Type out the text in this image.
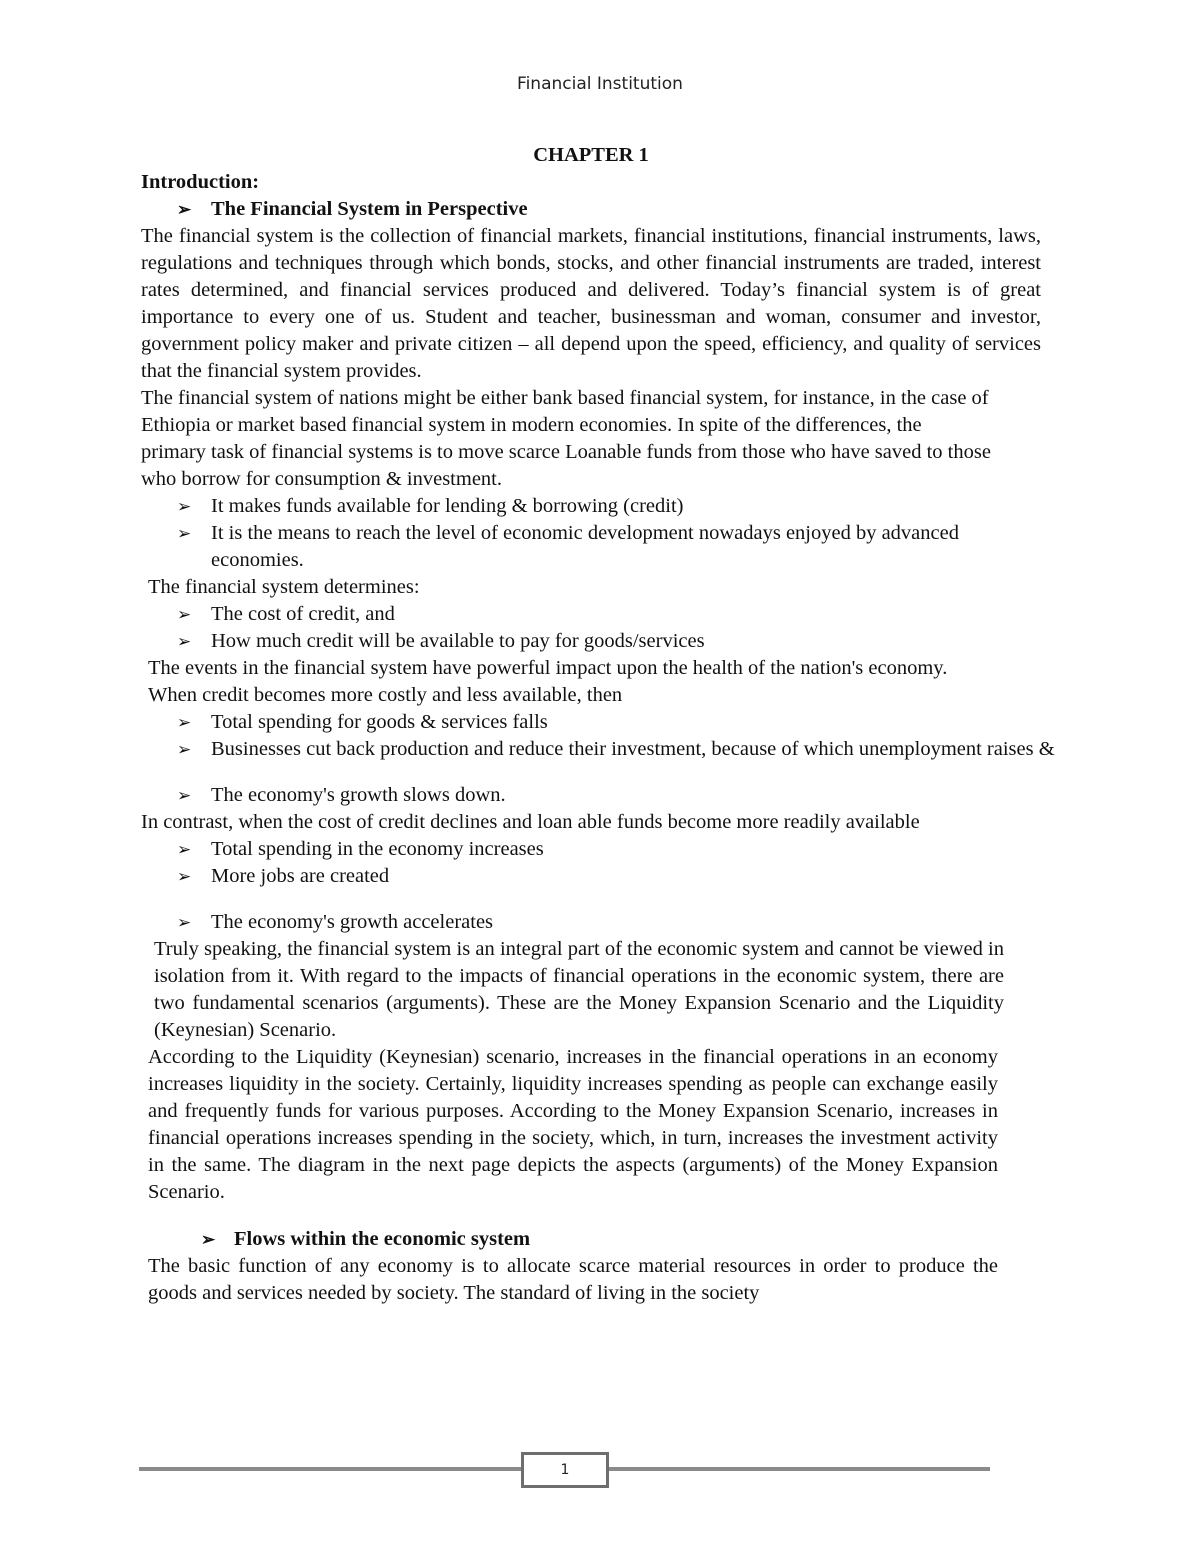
Financial Institution

CHAPTER 1

Introduction:

➢ The Financial System in Perspective

The financial system is the collection of financial markets, financial institutions, financial instruments, laws, regulations and techniques through which bonds, stocks, and other financial instruments are traded, interest rates determined, and financial services produced and delivered. Today’s financial system is of great importance to every one of us. Student and teacher, businessman and woman, consumer and investor, government policy maker and private citizen – all depend upon the speed, efficiency, and quality of services that the financial system provides.

The financial system of nations might be either bank based financial system, for instance, in the case of Ethiopia or market based financial system in modern economies. In spite of the differences, the primary task of financial systems is to move scarce Loanable funds from those who have saved to those who borrow for consumption & investment.

➢ It makes funds available for lending & borrowing (credit)
➢ It is the means to reach the level of economic development nowadays enjoyed by advanced economies.

The financial system determines:

➢ The cost of credit, and
➢ How much credit will be available to pay for goods/services

The events in the financial system have powerful impact upon the health of the nation's economy. When credit becomes more costly and less available, then

➢ Total spending for goods & services falls
➢ Businesses cut back production and reduce their investment, because of which unemployment raises &
➢ The economy's growth slows down.

In contrast, when the cost of credit declines and loan able funds become more readily available

➢ Total spending in the economy increases
➢ More jobs are created
➢ The economy's growth accelerates

Truly speaking, the financial system is an integral part of the economic system and cannot be viewed in isolation from it. With regard to the impacts of financial operations in the economic system, there are two fundamental scenarios (arguments). These are the Money Expansion Scenario and the Liquidity (Keynesian) Scenario.

According to the Liquidity (Keynesian) scenario, increases in the financial operations in an economy increases liquidity in the society. Certainly, liquidity increases spending as people can exchange easily and frequently funds for various purposes. According to the Money Expansion Scenario, increases in financial operations increases spending in the society, which, in turn, increases the investment activity in the same. The diagram in the next page depicts the aspects (arguments) of the Money Expansion Scenario.

➢ Flows within the economic system

The basic function of any economy is to allocate scarce material resources in order to produce the goods and services needed by society. The standard of living in the society

1
